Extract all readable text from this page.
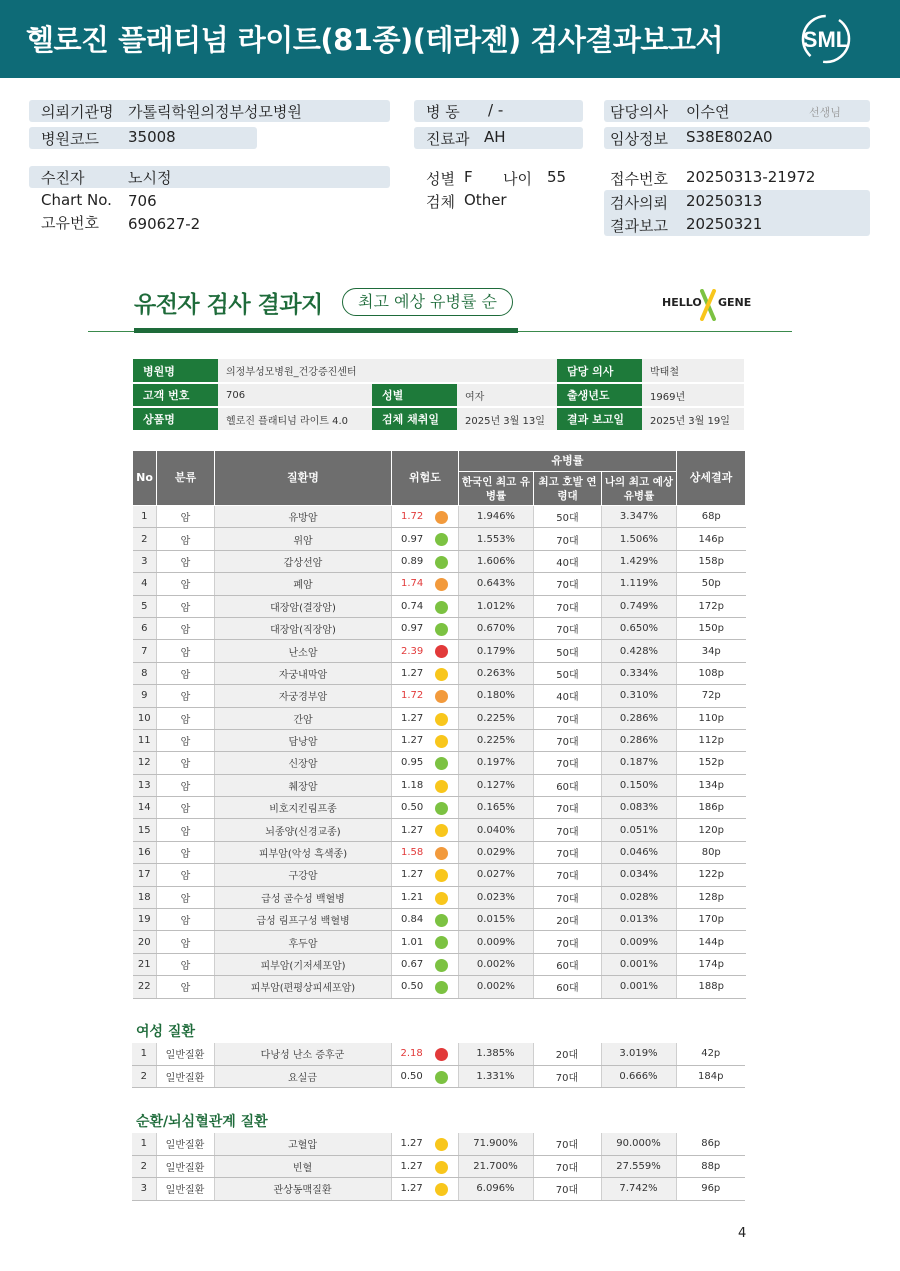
헬로진 플래티넘 라이트(81종)(테라젠) 검사결과보고서	SML
의뢰기관명 가톨릭학원의정부성모병원
병원코드 35008
병 동 / -
진료과 AH
담당의사 이수연	선생님
임상정보 S38E802A0
수진자	노시정
Chart No. 706
고유번호 690627-2
성별 F 나이 55
검체 Other
접수번호 20250313-21972
검사의뢰 20250313
결과보고 20250321
유전자 검사 결과지	최고 예상 유병률 순	HELLO GENE
병원명	의정부성모병원_건강증진센터			담당 의사	박태철
고객 번호	706	성별	여자	출생년도	1969년
상품명	헬로진 플래티넘 라이트 4.0	검체 채취일	2025년 3월 13일	결과 보고일	2025년 3월 19일
No	분류	질환명	위험도	유병률			상세결과
				한국인 최고 유병률	최고 호발 연령대	나의 최고 예상 유병률	
1	암	유방암	1.72	1.946%	50대	3.347%	68p
2	암	위암	0.97	1.553%	70대	1.506%	146p
3	암	갑상선암	0.89	1.606%	40대	1.429%	158p
4	암	폐암	1.74	0.643%	70대	1.119%	50p
5	암	대장암(결장암)	0.74	1.012%	70대	0.749%	172p
6	암	대장암(직장암)	0.97	0.670%	70대	0.650%	150p
7	암	난소암	2.39	0.179%	50대	0.428%	34p
8	암	자궁내막암	1.27	0.263%	50대	0.334%	108p
9	암	자궁경부암	1.72	0.180%	40대	0.310%	72p
10	암	간암	1.27	0.225%	70대	0.286%	110p
11	암	담낭암	1.27	0.225%	70대	0.286%	112p
12	암	신장암	0.95	0.197%	70대	0.187%	152p
13	암	췌장암	1.18	0.127%	60대	0.150%	134p
14	암	비호지킨림프종	0.50	0.165%	70대	0.083%	186p
15	암	뇌종양(신경교종)	1.27	0.040%	70대	0.051%	120p
16	암	피부암(악성 흑색종)	1.58	0.029%	70대	0.046%	80p
17	암	구강암	1.27	0.027%	70대	0.034%	122p
18	암	급성 골수성 백혈병	1.21	0.023%	70대	0.028%	128p
19	암	급성 림프구성 백혈병	0.84	0.015%	20대	0.013%	170p
20	암	후두암	1.01	0.009%	70대	0.009%	144p
21	암	피부암(기저세포암)	0.67	0.002%	60대	0.001%	174p
22	암	피부암(편평상피세포암)	0.50	0.002%	60대	0.001%	188p
여성 질환
1	일반질환	다낭성 난소 증후군	2.18	1.385%	20대	3.019%	42p
2	일반질환	요실금	0.50	1.331%	70대	0.666%	184p
순환/뇌심혈관계 질환
1	일반질환	고혈압	1.27	71.900%	70대	90.000%	86p
2	일반질환	빈혈	1.27	21.700%	70대	27.559%	88p
3	일반질환	관상동맥질환	1.27	6.096%	70대	7.742%	96p
4
